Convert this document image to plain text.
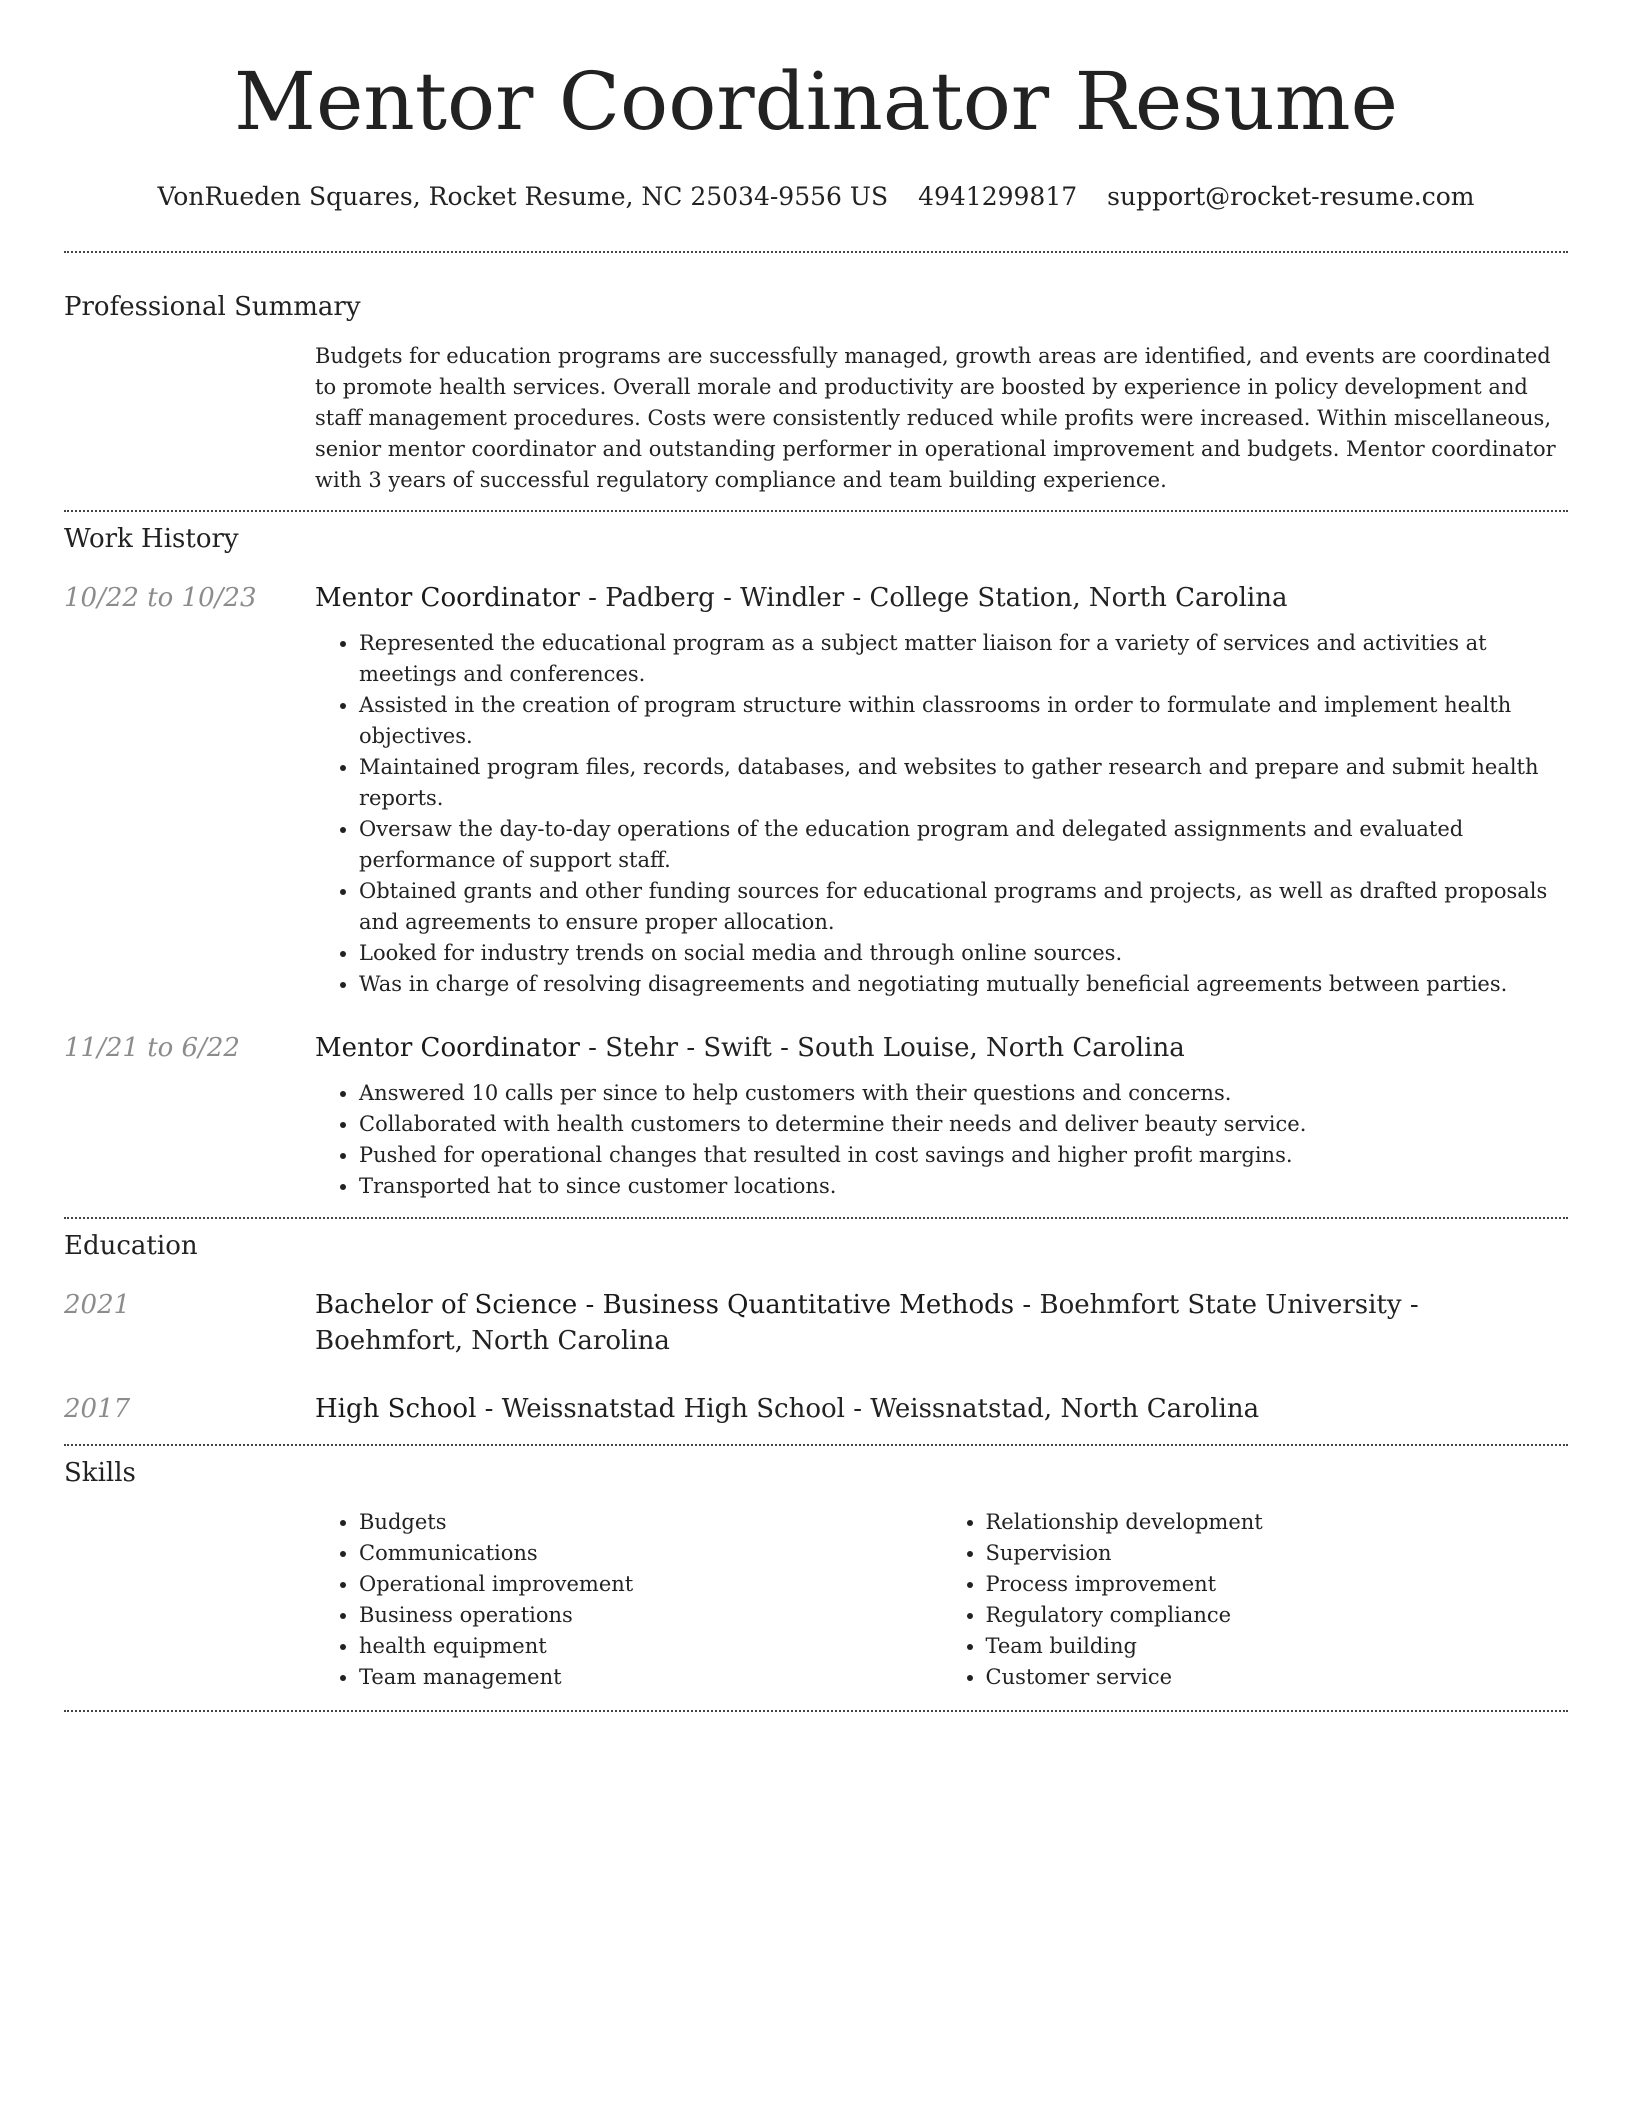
Mentor Coordinator Resume
VonRueden Squares, Rocket Resume, NC 25034-9556 US 4941299817 support@rocket-resume.com
Professional Summary
Budgets for education programs are successfully managed, growth areas are identified, and events are coordinated to promote health services. Overall morale and productivity are boosted by experience in policy development and staff management procedures. Costs were consistently reduced while profits were increased. Within miscellaneous, senior mentor coordinator and outstanding performer in operational improvement and budgets. Mentor coordinator with 3 years of successful regulatory compliance and team building experience.
Work History
10/22 to 10/23	Mentor Coordinator - Padberg - Windler - College Station, North Carolina
• Represented the educational program as a subject matter liaison for a variety of services and activities at meetings and conferences.
• Assisted in the creation of program structure within classrooms in order to formulate and implement health objectives.
• Maintained program files, records, databases, and websites to gather research and prepare and submit health reports.
• Oversaw the day-to-day operations of the education program and delegated assignments and evaluated performance of support staff.
• Obtained grants and other funding sources for educational programs and projects, as well as drafted proposals and agreements to ensure proper allocation.
• Looked for industry trends on social media and through online sources.
• Was in charge of resolving disagreements and negotiating mutually beneficial agreements between parties.
11/21 to 6/22	Mentor Coordinator - Stehr - Swift - South Louise, North Carolina
• Answered 10 calls per since to help customers with their questions and concerns.
• Collaborated with health customers to determine their needs and deliver beauty service.
• Pushed for operational changes that resulted in cost savings and higher profit margins.
• Transported hat to since customer locations.
Education
2021	Bachelor of Science - Business Quantitative Methods - Boehmfort State University - Boehmfort, North Carolina
2017	High School - Weissnatstad High School - Weissnatstad, North Carolina
Skills
• Budgets
• Communications
• Operational improvement
• Business operations
• health equipment
• Team management
• Relationship development
• Supervision
• Process improvement
• Regulatory compliance
• Team building
• Customer service
